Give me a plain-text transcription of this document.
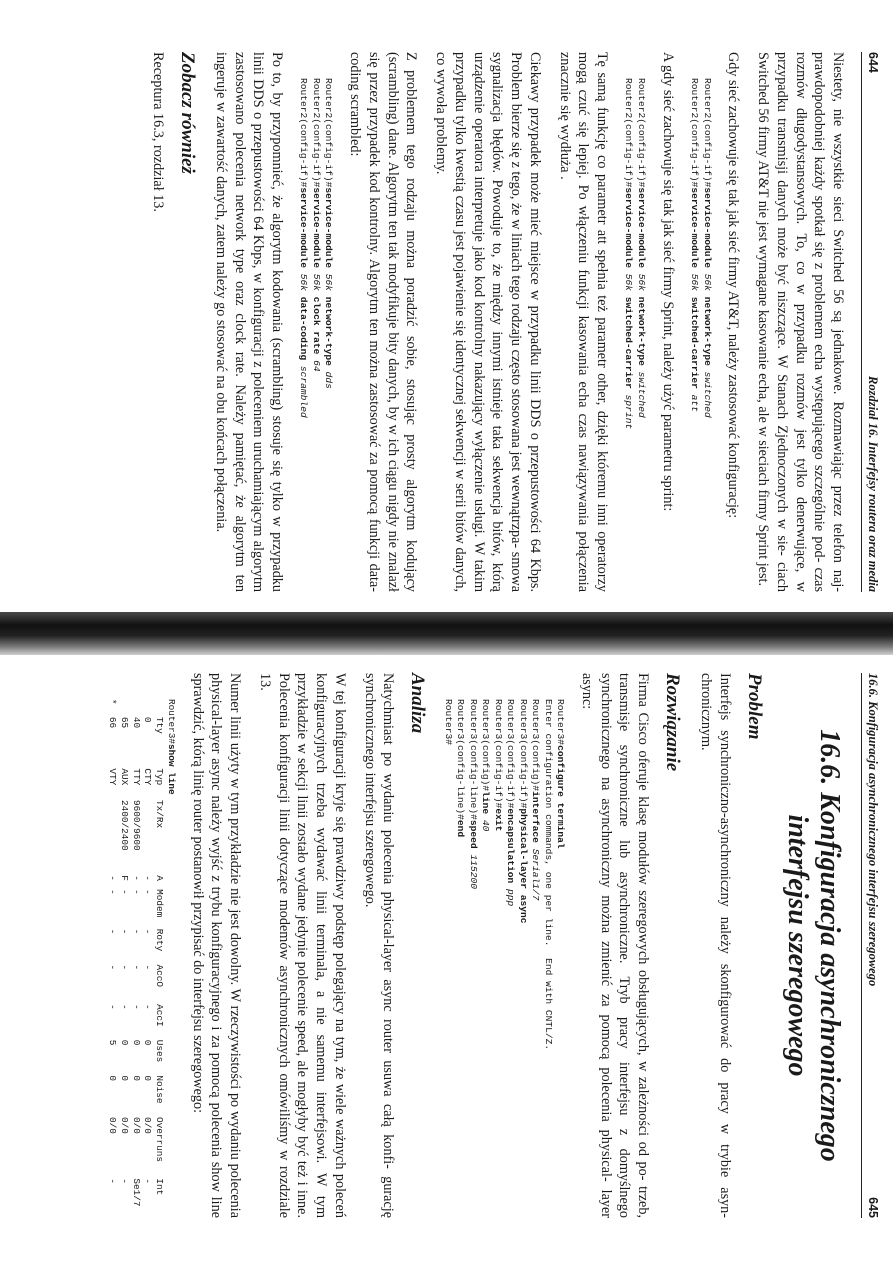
644
Rozdział 16. Interfejsy routera oraz media

Niestety, nie wszystkie sieci Switched 56 są jednakowe. Rozmawiając przez telefon naj- prawdopodobniej każdy spotkał się z problemem echa występującego szczególnie pod- czas rozmów długodystansowych. To, co w przypadku rozmów jest tylko denerwujące, w przypadku transmisji danych może być niszczące. W Stanach Zjednoczonych w sie- ciach Switched 56 firmy AT&T nie jest wymagane kasowanie echa, ale w sieciach firmy Sprint jest.

Gdy sieć zachowuje się tak jak sieć firmy AT&T, należy zastosować konfigurację:

Router2(config-if)#service-module 56k network-type switched
Router2(config-if)#service-module 56k switched-carrier att

A gdy sieć zachowuje się tak jak sieć firmy Sprint, należy użyć parametru sprint:

Router2(config-if)#service-module 56k network-type switched
Router2(config-if)#service-module 56k switched-carrier sprint

Tę samą funkcję co parametr att spełnia też parametr other, dzięki któremu inni operatorzy mogą czuć się lepiej. Po włączeniu funkcji kasowania echa czas nawiązywania połączenia znacznie się wydłuża .

Ciekawy przypadek może mieć miejsce w przypadku linii DDS o przepustowości 64 Kbps. Problem bierze się z tego, że w liniach tego rodzaju często stosowana jest wewnątrzpa- smowa sygnalizacja błędów. Powoduje to, że między innymi istnieje taka sekwencja bitów, którą urządzenie operatora interpretuje jako kod kontrolny nakazujący wyłączenie usługi. W takim przypadku tylko kwestią czasu jest pojawienie się identycznej sekwencji w serii bitów danych, co wywoła problemy.

Z problemem tego rodzaju można poradzić sobie, stosując prosty algorytm kodujący (scrambling) dane. Algorytm ten tak modyfikuje bity danych, by w ich ciągu nigdy nie znalazł się przez przypadek kod kontrolny. Algorytm ten można zastosować za pomocą funkcji data-coding scrambled:

Router2(config-if)#service-module 56k network-type dds
Router2(config-if)#service-module 56k clock rate 64
Router2(config-if)#service-module 56k data-coding scrambled

Po to, by przypomnieć, że algorytm kodowania (scrambling) stosuje się tylko w przypadku linii DDS o przepustowości 64 Kbps, w konfiguracji z poleceniem uruchamiającym algorytm zastosowano polecenia network type oraz clock rate. Należy pamiętać, że algorytm ten ingeruje w zawartość danych, zatem należy go stosować na obu końcach połączenia.

Zobacz również

Receptura 16.3, rozdział 13.

16.6. Konfiguracja asynchronicznego interfejsu szeregowego
645
16.6. Konfiguracja asynchronicznego interfejsu szeregowego
Problem

Interfejs synchroniczno-asynchroniczny należy skonfigurować do pracy w trybie asyn- chronicznym.

Rozwiązanie

Firma Cisco oferuje klasę modułów szeregowych obsługujących, w zależności od po- trzeb, transmisje synchroniczne lub asynchroniczne. Tryb pracy interfejsu z domyślnego synchronicznego na asynchroniczny można zmienić za pomocą polecenia physical- layer async:

Router3#configure terminal
Enter configuration commands, one per line.  End with CNTL/Z.
Router3(config)#interface Serial1/7
Router3(config-if)#physical-layer async
Router3(config-if)#encapsulation ppp
Router3(config-if)#exit
Router3(config)#line 40
Router3(config-line)#speed 115200
Router3(config-line)#end
Router3#
Analiza

Natychmiast po wydaniu polecenia physical-layer async router usuwa całą konfi- gurację synchronicznego interfejsu szeregowego.

W tej konfiguracji kryje się prawdziwy podstęp polegający na tym, że wiele ważnych poleceń konfiguracyjnych trzeba wydawać linii terminala, a nie samemu interfejsowi. W tym przykładzie w sekcji linii zostało wydane jedynie polecenie speed, ale mogłyby być też i inne. Polecenia konfiguracji linii dotyczące modemów asynchronicznych omówiliśmy w rozdziale 13.

Numer linii użyty w tym przykładzie nie jest dowolny. W rzeczywistości po wydaniu polecenia physical-layer async należy wyjść z trybu konfiguracyjnego i za pomocą polecenia show line sprawdzić, którą linię router postanowił przypisać do interfejsu szeregowego:

Router3#
show line
Tty
Typ
Tx/Rx
A
Modem
Roty
AccO
AccI
Uses
Noise
Overruns
Int
0
CTY
-
-
-
-
-
0
0
0/0
-
40
TTY
9600/9600
-
-
-
-
-
0
0
0/0
Se1/7
65
AUX
2400/2400
F
-
-
-
-
0
0
0/0
-
*
66
VTY
-
-
-
-
-
5
0
0/0
-
